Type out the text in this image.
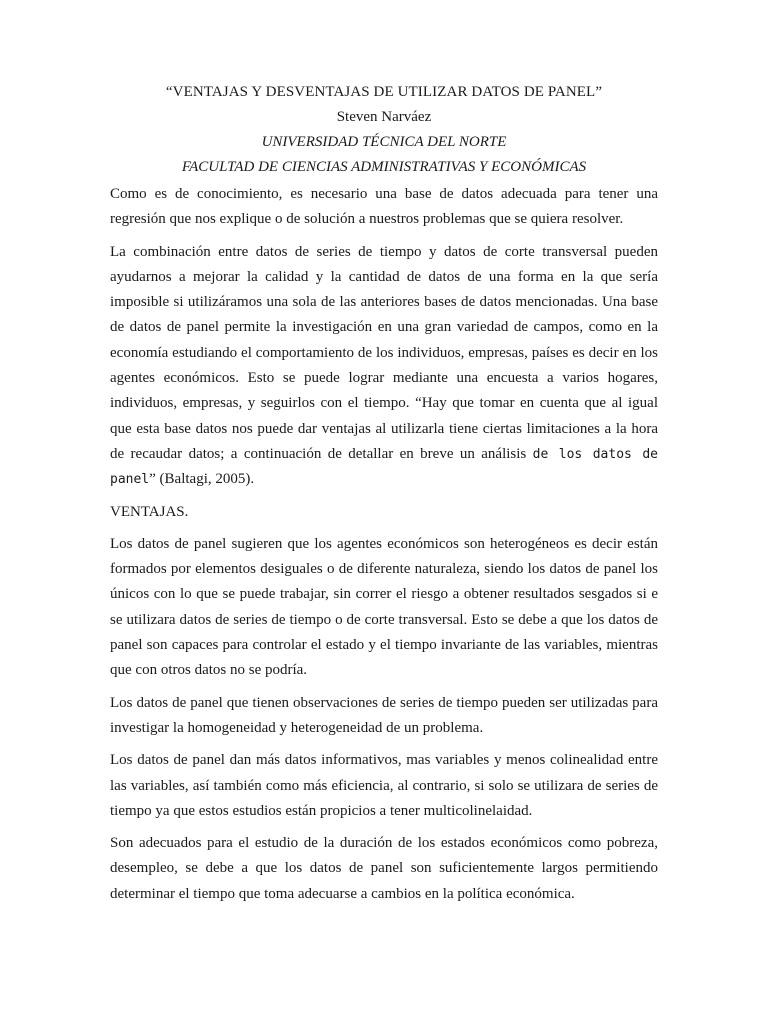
“VENTAJAS Y DESVENTAJAS DE UTILIZAR DATOS DE PANEL”

Steven Narváez

UNIVERSIDAD TÉCNICA DEL NORTE

FACULTAD DE CIENCIAS ADMINISTRATIVAS Y ECONÓMICAS

Como es de conocimiento, es necesario una base de datos adecuada para tener una regresión que nos explique o de solución a nuestros problemas que se quiera resolver.

La combinación entre datos de series de tiempo y datos de corte transversal pueden ayudarnos a mejorar la calidad y la cantidad de datos de una forma en la que sería imposible si utilizáramos una sola de las anteriores bases de datos mencionadas. Una base de datos de panel permite la investigación en una gran variedad de campos, como en la economía estudiando el comportamiento de los individuos, empresas, países es decir en los agentes económicos. Esto se puede lograr mediante una encuesta a varios hogares, individuos, empresas, y seguirlos con el tiempo. “Hay que tomar en cuenta que al igual que esta base datos nos puede dar ventajas al utilizarla tiene ciertas limitaciones a la hora de recaudar datos; a continuación de detallar en breve un análisis de los datos de panel” (Baltagi, 2005).

VENTAJAS.

Los datos de panel sugieren que los agentes económicos son heterogéneos es decir están formados por elementos desiguales o de diferente naturaleza, siendo los datos de panel los únicos con lo que se puede trabajar, sin correr el riesgo a obtener resultados sesgados si e se utilizara datos de series de tiempo o de corte transversal. Esto se debe a que los datos de panel son capaces para controlar el estado y el tiempo invariante de las variables, mientras que con otros datos no se podría.

Los datos de panel que tienen observaciones de series de tiempo pueden ser utilizadas para investigar la homogeneidad y heterogeneidad de un problema.

Los datos de panel dan más datos informativos, mas variables y menos colinealidad entre las variables, así también como más eficiencia, al contrario, si solo se utilizara de series de tiempo ya que estos estudios están propicios a tener multicolinelaidad.

Son adecuados para el estudio de la duración de los estados económicos como pobreza, desempleo, se debe a que los datos de panel son suficientemente largos permitiendo determinar el tiempo que toma adecuarse a cambios en la política económica.
